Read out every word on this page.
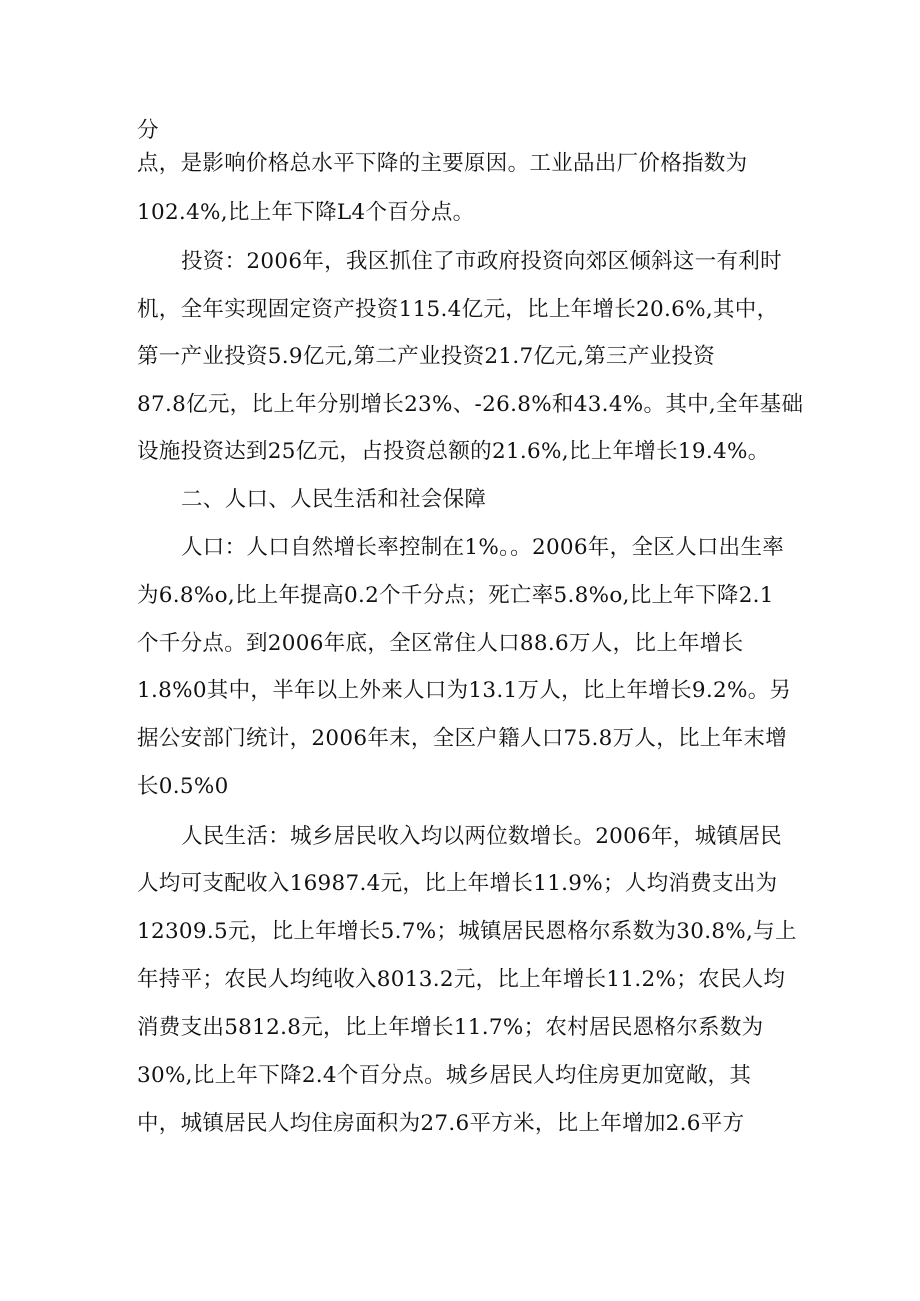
分
点，是影响价格总水平下降的主要原因。工业品出厂价格指数为
102.4%,比上年下降L4个百分点。
投资：2006年，我区抓住了市政府投资向郊区倾斜这一有利时
机，全年实现固定资产投资115.4亿元，比上年增长20.6%,其中，
第一产业投资5.9亿元,第二产业投资21.7亿元,第三产业投资
87.8亿元，比上年分别增长23%、-26.8%和43.4%。其中,全年基础
设施投资达到25亿元，占投资总额的21.6%,比上年增长19.4%。
二、人口、人民生活和社会保障
人口：人口自然增长率控制在1%。。2006年，全区人口出生率
为6.8%o,比上年提高0.2个千分点；死亡率5.8%o,比上年下降2.1
个千分点。到2006年底，全区常住人口88.6万人，比上年增长
1.8%0其中，半年以上外来人口为13.1万人，比上年增长9.2%。另
据公安部门统计，2006年末，全区户籍人口75.8万人，比上年末增
长0.5%0
人民生活：城乡居民收入均以两位数增长。2006年，城镇居民
人均可支配收入16987.4元，比上年增长11.9%；人均消费支出为
12309.5元，比上年增长5.7%；城镇居民恩格尔系数为30.8%,与上
年持平；农民人均纯收入8013.2元，比上年增长11.2%；农民人均
消费支出5812.8元，比上年增长11.7%；农村居民恩格尔系数为
30%,比上年下降2.4个百分点。城乡居民人均住房更加宽敞，其
中，城镇居民人均住房面积为27.6平方米，比上年增加2.6平方
